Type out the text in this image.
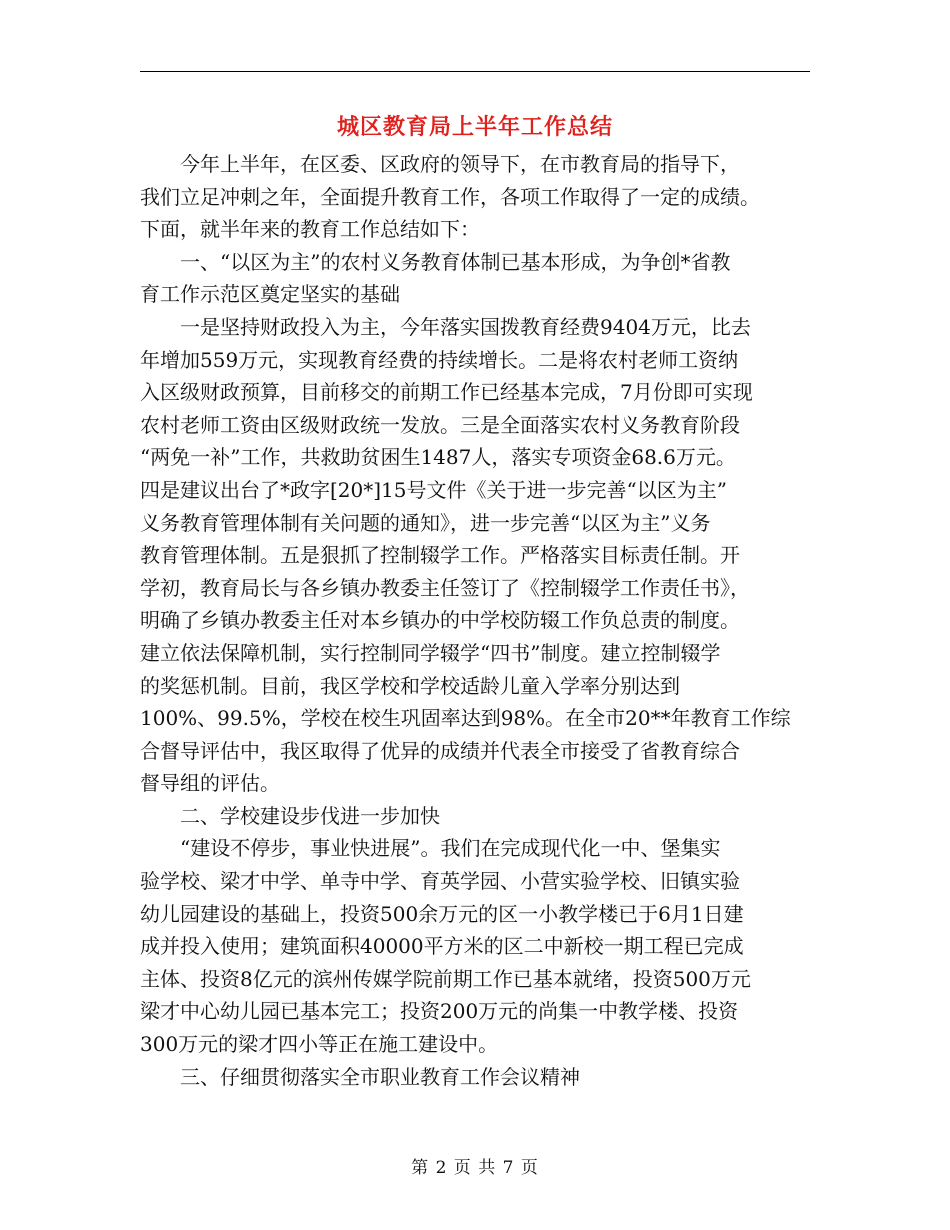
城区教育局上半年工作总结
今年上半年，在区委、区政府的领导下，在市教育局的指导下，
我们立足冲刺之年，全面提升教育工作，各项工作取得了一定的成绩。
下面，就半年来的教育工作总结如下：
一、“以区为主”的农村义务教育体制已基本形成，为争创*省教
育工作示范区奠定坚实的基础
一是坚持财政投入为主，今年落实国拨教育经费9404万元，比去
年增加559万元，实现教育经费的持续增长。二是将农村老师工资纳
入区级财政预算，目前移交的前期工作已经基本完成，7月份即可实现
农村老师工资由区级财政统一发放。三是全面落实农村义务教育阶段
“两免一补”工作，共救助贫困生1487人，落实专项资金68.6万元。
四是建议出台了*政字[20*]15号文件《关于进一步完善“以区为主”
义务教育管理体制有关问题的通知》，进一步完善“以区为主”义务
教育管理体制。五是狠抓了控制辍学工作。严格落实目标责任制。开
学初，教育局长与各乡镇办教委主任签订了《控制辍学工作责任书》，
明确了乡镇办教委主任对本乡镇办的中学校防辍工作负总责的制度。
建立依法保障机制，实行控制同学辍学“四书”制度。建立控制辍学
的奖惩机制。目前，我区学校和学校适龄儿童入学率分别达到
100%、99.5%，学校在校生巩固率达到98%。在全市20**年教育工作综
合督导评估中，我区取得了优异的成绩并代表全市接受了省教育综合
督导组的评估。
二、学校建设步伐进一步加快
“建设不停步，事业快进展”。我们在完成现代化一中、堡集实
验学校、梁才中学、单寺中学、育英学园、小营实验学校、旧镇实验
幼儿园建设的基础上，投资500余万元的区一小教学楼已于6月1日建
成并投入使用；建筑面积40000平方米的区二中新校一期工程已完成
主体、投资8亿元的滨州传媒学院前期工作已基本就绪，投资500万元
梁才中心幼儿园已基本完工；投资200万元的尚集一中教学楼、投资
300万元的梁才四小等正在施工建设中。
三、仔细贯彻落实全市职业教育工作会议精神
第 2 页 共 7 页
